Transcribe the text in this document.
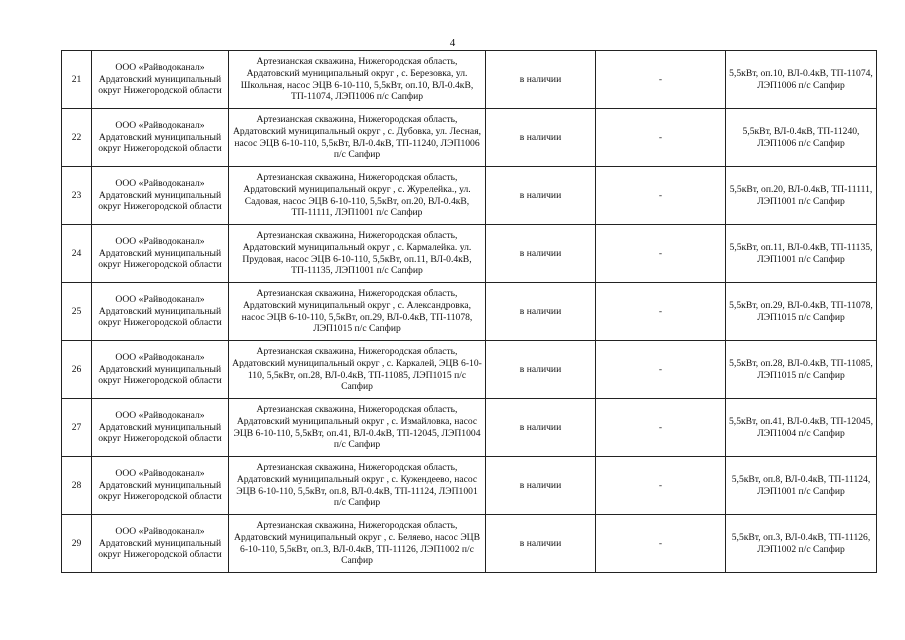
4
21	ООО «Райводоканал» Ардатовский муниципальный округ Нижегородской области	Артезианская скважина, Нижегородская область, Ардатовский муниципальный округ , с. Березовка, ул. Школьная, насос ЭЦВ 6-10-110, 5,5кВт, оп.10, ВЛ-0.4кВ, ТП-11074, ЛЭП1006 п/с Сапфир	в наличии	-	5,5кВт, оп.10, ВЛ-0.4кВ, ТП-11074, ЛЭП1006 п/с Сапфир
22	ООО «Райводоканал» Ардатовский муниципальный округ Нижегородской области	Артезианская скважина, Нижегородская область, Ардатовский муниципальный округ , с. Дубовка, ул. Лесная, насос ЭЦВ 6-10-110, 5,5кВт, ВЛ-0.4кВ, ТП-11240, ЛЭП1006 п/с Сапфир	в наличии	-	5,5кВт, ВЛ-0.4кВ, ТП-11240, ЛЭП1006 п/с Сапфир
23	ООО «Райводоканал» Ардатовский муниципальный округ Нижегородской области	Артезианская скважина, Нижегородская область, Ардатовский муниципальный округ , с. Журелейка., ул. Садовая, насос ЭЦВ 6-10-110, 5,5кВт, оп.20, ВЛ-0.4кВ, ТП-11111, ЛЭП1001 п/с Сапфир	в наличии	-	5,5кВт, оп.20, ВЛ-0.4кВ, ТП-11111, ЛЭП1001 п/с Сапфир
24	ООО «Райводоканал» Ардатовский муниципальный округ Нижегородской области	Артезианская скважина, Нижегородская область, Ардатовский муниципальный округ , с. Кармалейка. ул. Прудовая, насос ЭЦВ 6-10-110, 5,5кВт, оп.11, ВЛ-0.4кВ, ТП-11135, ЛЭП1001 п/с Сапфир	в наличии	-	5,5кВт, оп.11, ВЛ-0.4кВ, ТП-11135, ЛЭП1001 п/с Сапфир
25	ООО «Райводоканал» Ардатовский муниципальный округ Нижегородской области	Артезианская скважина, Нижегородская область, Ардатовский муниципальный округ , с. Александровка, насос ЭЦВ 6-10-110, 5,5кВт, оп.29, ВЛ-0.4кВ, ТП-11078, ЛЭП1015 п/с Сапфир	в наличии	-	5,5кВт, оп.29, ВЛ-0.4кВ, ТП-11078, ЛЭП1015 п/с Сапфир
26	ООО «Райводоканал» Ардатовский муниципальный округ Нижегородской области	Артезианская скважина, Нижегородская область, Ардатовский муниципальный округ , с. Каркалей, ЭЦВ 6-10-110, 5,5кВт, оп.28, ВЛ-0.4кВ, ТП-11085, ЛЭП1015 п/с Сапфир	в наличии	-	5,5кВт, оп.28, ВЛ-0.4кВ, ТП-11085, ЛЭП1015 п/с Сапфир
27	ООО «Райводоканал» Ардатовский муниципальный округ Нижегородской области	Артезианская скважина, Нижегородская область, Ардатовский муниципальный округ , с. Измайловка, насос ЭЦВ 6-10-110, 5,5кВт, оп.41, ВЛ-0.4кВ, ТП-12045, ЛЭП1004 п/с Сапфир	в наличии	-	5,5кВт, оп.41, ВЛ-0.4кВ, ТП-12045, ЛЭП1004 п/с Сапфир
28	ООО «Райводоканал» Ардатовский муниципальный округ Нижегородской области	Артезианская скважина, Нижегородская область, Ардатовский муниципальный округ , с. Кужендеево, насос ЭЦВ 6-10-110, 5,5кВт, оп.8, ВЛ-0.4кВ, ТП-11124, ЛЭП1001 п/с Сапфир	в наличии	-	5,5кВт, оп.8, ВЛ-0.4кВ, ТП-11124, ЛЭП1001 п/с Сапфир
29	ООО «Райводоканал» Ардатовский муниципальный округ Нижегородской области	Артезианская скважина, Нижегородская область, Ардатовский муниципальный округ , с. Беляево, насос ЭЦВ 6-10-110, 5,5кВт, оп.3, ВЛ-0.4кВ, ТП-11126, ЛЭП1002 п/с Сапфир	в наличии	-	5,5кВт, оп.3, ВЛ-0.4кВ, ТП-11126, ЛЭП1002 п/с Сапфир
